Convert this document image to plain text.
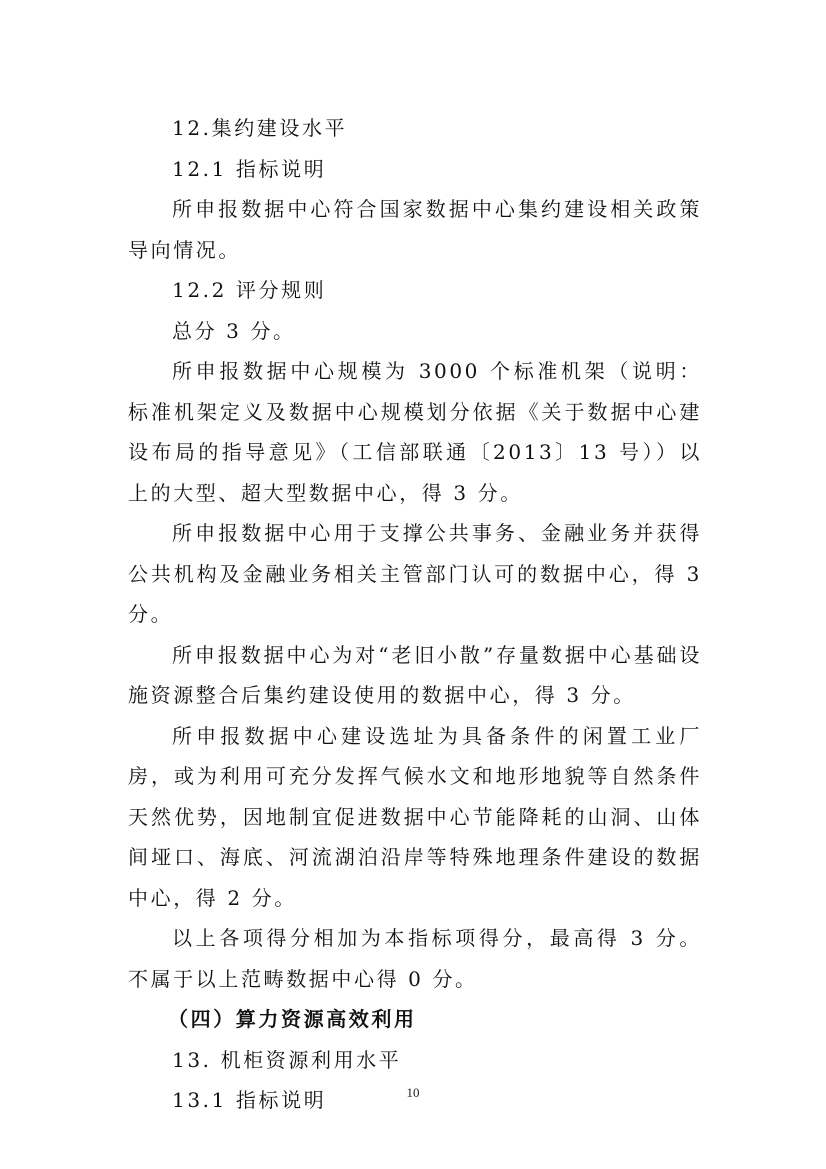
12.集约建设水平
12.1 指标说明
所申报数据中心符合国家数据中心集约建设相关政策导向情况。
12.2 评分规则
总分 3 分。
所申报数据中心规模为 3000 个标准机架（说明：标准机架定义及数据中心规模划分依据《关于数据中心建设布局的指导意见》（工信部联通〔2013〕13 号））以上的大型、超大型数据中心，得 3 分。
所申报数据中心用于支撑公共事务、金融业务并获得公共机构及金融业务相关主管部门认可的数据中心，得 3 分。
所申报数据中心为对“老旧小散”存量数据中心基础设施资源整合后集约建设使用的数据中心，得 3 分。
所申报数据中心建设选址为具备条件的闲置工业厂房，或为利用可充分发挥气候水文和地形地貌等自然条件天然优势，因地制宜促进数据中心节能降耗的山洞、山体间垭口、海底、河流湖泊沿岸等特殊地理条件建设的数据中心，得 2 分。
以上各项得分相加为本指标项得分，最高得 3 分。不属于以上范畴数据中心得 0 分。
（四）算力资源高效利用
13. 机柜资源利用水平
13.1 指标说明	10
